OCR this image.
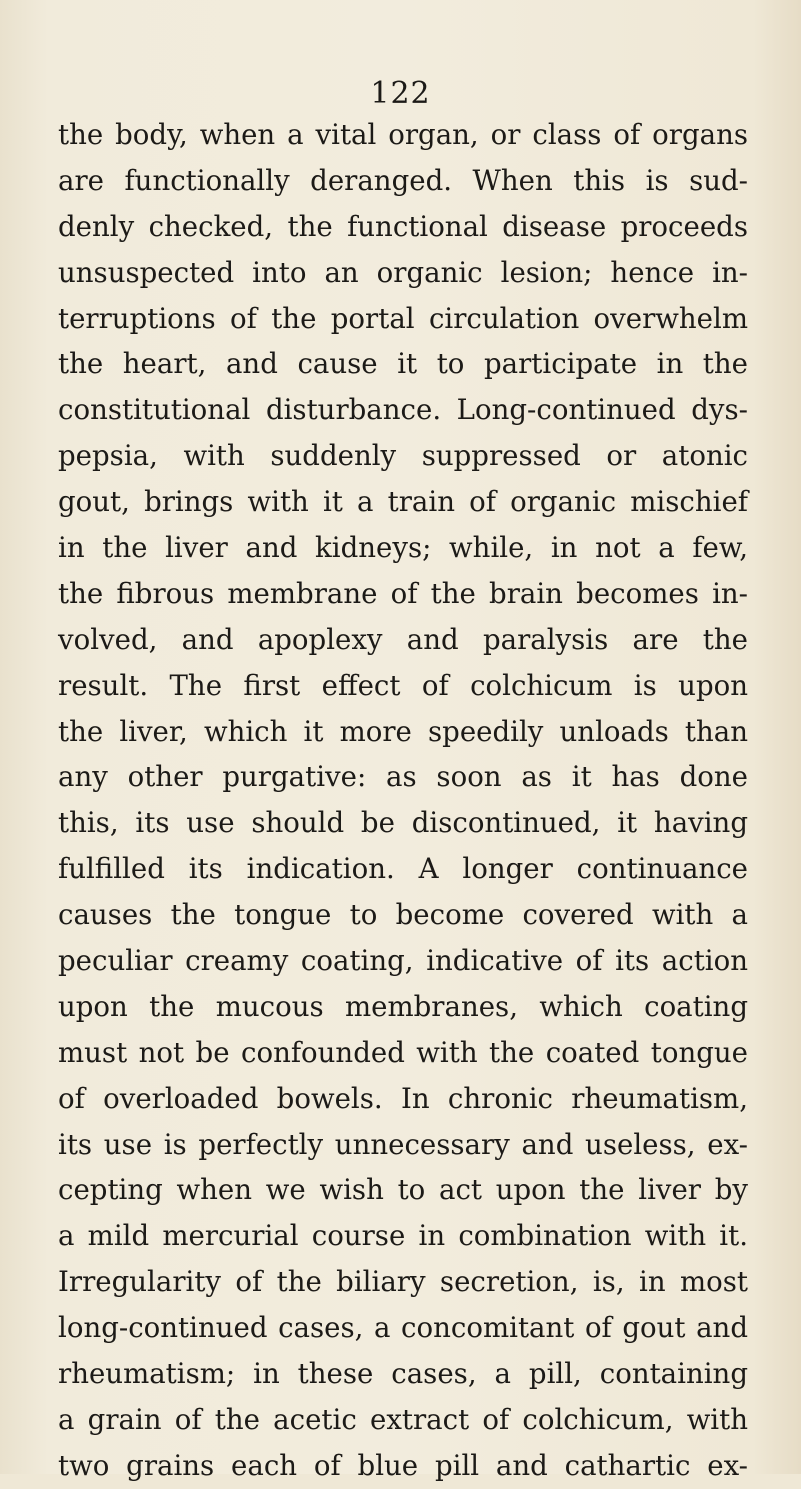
122
the body, when a vital organ, or class of organs
are functionally deranged. When this is sud-
denly checked, the functional disease proceeds
unsuspected into an organic lesion; hence in-
terruptions of the portal circulation overwhelm
the heart, and cause it to participate in the
constitutional disturbance. Long-continued dys-
pepsia, with suddenly suppressed or atonic
gout, brings with it a train of organic mischief
in the liver and kidneys; while, in not a few,
the fibrous membrane of the brain becomes in-
volved, and apoplexy and paralysis are the
result. The first effect of colchicum is upon
the liver, which it more speedily unloads than
any other purgative: as soon as it has done
this, its use should be discontinued, it having
fulfilled its indication. A longer continuance
causes the tongue to become covered with a
peculiar creamy coating, indicative of its action
upon the mucous membranes, which coating
must not be confounded with the coated tongue
of overloaded bowels. In chronic rheumatism,
its use is perfectly unnecessary and useless, ex-
cepting when we wish to act upon the liver by
a mild mercurial course in combination with it.
Irregularity of the biliary secretion, is, in most
long-continued cases, a concomitant of gout and
rheumatism; in these cases, a pill, containing
a grain of the acetic extract of colchicum, with
two grains each of blue pill and cathartic ex-
